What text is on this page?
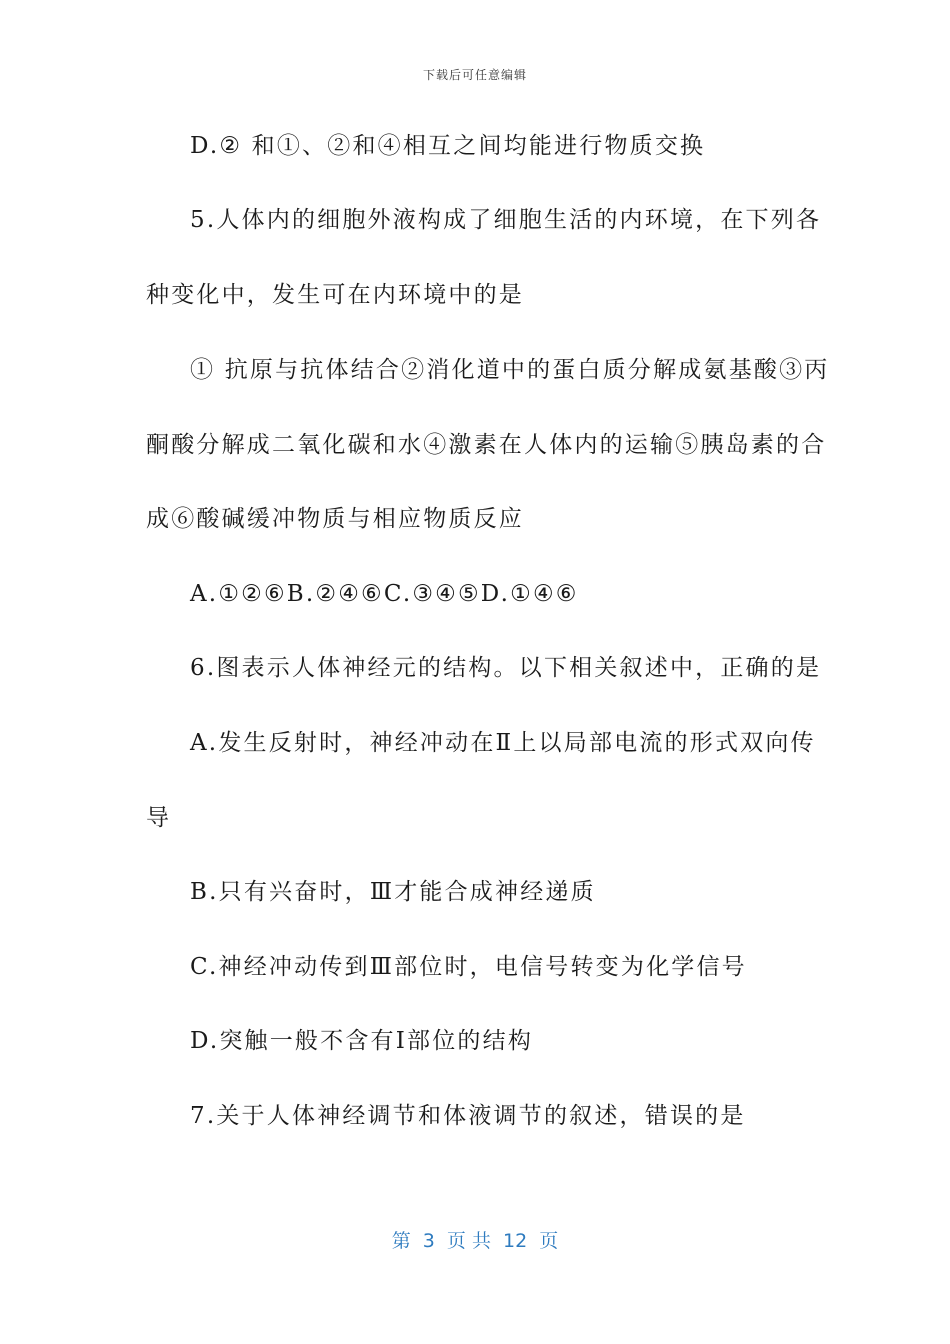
下载后可任意编辑
D.② 和①、②和④相互之间均能进行物质交换
5.人体内的细胞外液构成了细胞生活的内环境，在下列各
种变化中，发生可在内环境中的是
① 抗原与抗体结合②消化道中的蛋白质分解成氨基酸③丙
酮酸分解成二氧化碳和水④激素在人体内的运输⑤胰岛素的合
成⑥酸碱缓冲物质与相应物质反应
A.①②⑥B.②④⑥C.③④⑤D.①④⑥
6.图表示人体神经元的结构。以下相关叙述中，正确的是
A.发生反射时，神经冲动在Ⅱ上以局部电流的形式双向传
导
B.只有兴奋时，Ⅲ才能合成神经递质
C.神经冲动传到Ⅲ部位时，电信号转变为化学信号
D.突触一般不含有Ⅰ部位的结构
7.关于人体神经调节和体液调节的叙述，错误的是
第  3  页 共  12  页
